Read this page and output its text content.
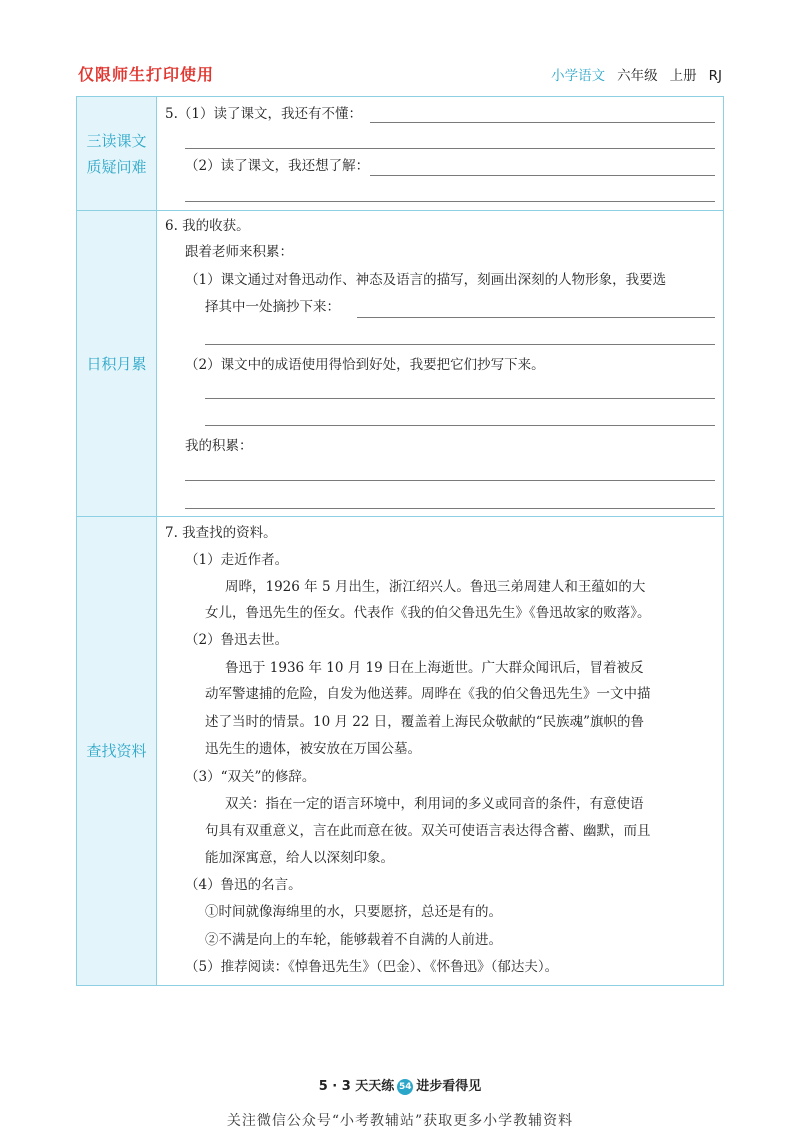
仅限师生打印使用	小学语文 六年级 上册 RJ
三读课文
质疑问难
5.（1）读了课文，我还有不懂：
（2）读了课文，我还想了解：
日积月累
6. 我的收获。
跟着老师来积累：
（1）课文通过对鲁迅动作、神态及语言的描写，刻画出深刻的人物形象，我要选
择其中一处摘抄下来：
（2）课文中的成语使用得恰到好处，我要把它们抄写下来。
我的积累：
查找资料
7. 我查找的资料。
（1）走近作者。
周晔，1926 年 5 月出生，浙江绍兴人。鲁迅三弟周建人和王蕴如的大
女儿，鲁迅先生的侄女。代表作《我的伯父鲁迅先生》《鲁迅故家的败落》。
（2）鲁迅去世。
鲁迅于 1936 年 10 月 19 日在上海逝世。广大群众闻讯后，冒着被反
动军警逮捕的危险，自发为他送葬。周晔在《我的伯父鲁迅先生》一文中描
述了当时的情景。10 月 22 日，覆盖着上海民众敬献的“民族魂”旗帜的鲁
迅先生的遗体，被安放在万国公墓。
（3）“双关”的修辞。
双关：指在一定的语言环境中，利用词的多义或同音的条件，有意使语
句具有双重意义，言在此而意在彼。双关可使语言表达得含蓄、幽默，而且
能加深寓意，给人以深刻印象。
（4）鲁迅的名言。
①时间就像海绵里的水，只要愿挤，总还是有的。
②不满是向上的车轮，能够载着不自满的人前进。
（5）推荐阅读：《悼鲁迅先生》（巴金）、《怀鲁迅》（郁达夫）。
5 · 3 天天练 54 进步看得见
关注微信公众号“小考教辅站”获取更多小学教辅资料
